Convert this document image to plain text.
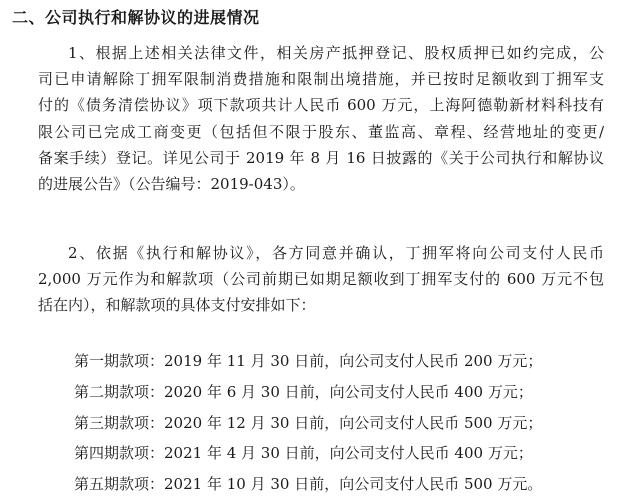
二、公司执行和解协议的进展情况
1、根据上述相关法律文件，相关房产抵押登记、股权质押已如约完成，公
司已申请解除丁拥军限制消费措施和限制出境措施，并已按时足额收到丁拥军支
付的《债务清偿协议》项下款项共计人民币 600 万元，上海阿德勒新材料科技有
限公司已完成工商变更（包括但不限于股东、董监高、章程、经营地址的变更/
备案手续）登记。详见公司于 2019 年 8 月 16 日披露的《关于公司执行和解协议
的进展公告》（公告编号：2019-043）。
2、依据《执行和解协议》，各方同意并确认，丁拥军将向公司支付人民币
2,000 万元作为和解款项（公司前期已如期足额收到丁拥军支付的 600 万元不包
括在内），和解款项的具体支付安排如下：
第一期款项：2019 年 11 月 30 日前，向公司支付人民币 200 万元；
第二期款项：2020 年 6 月 30 日前，向公司支付人民币 400 万元；
第三期款项：2020 年 12 月 30 日前，向公司支付人民币 500 万元；
第四期款项：2021 年 4 月 30 日前，向公司支付人民币 400 万元；
第五期款项：2021 年 10 月 30 日前，向公司支付人民币 500 万元。
